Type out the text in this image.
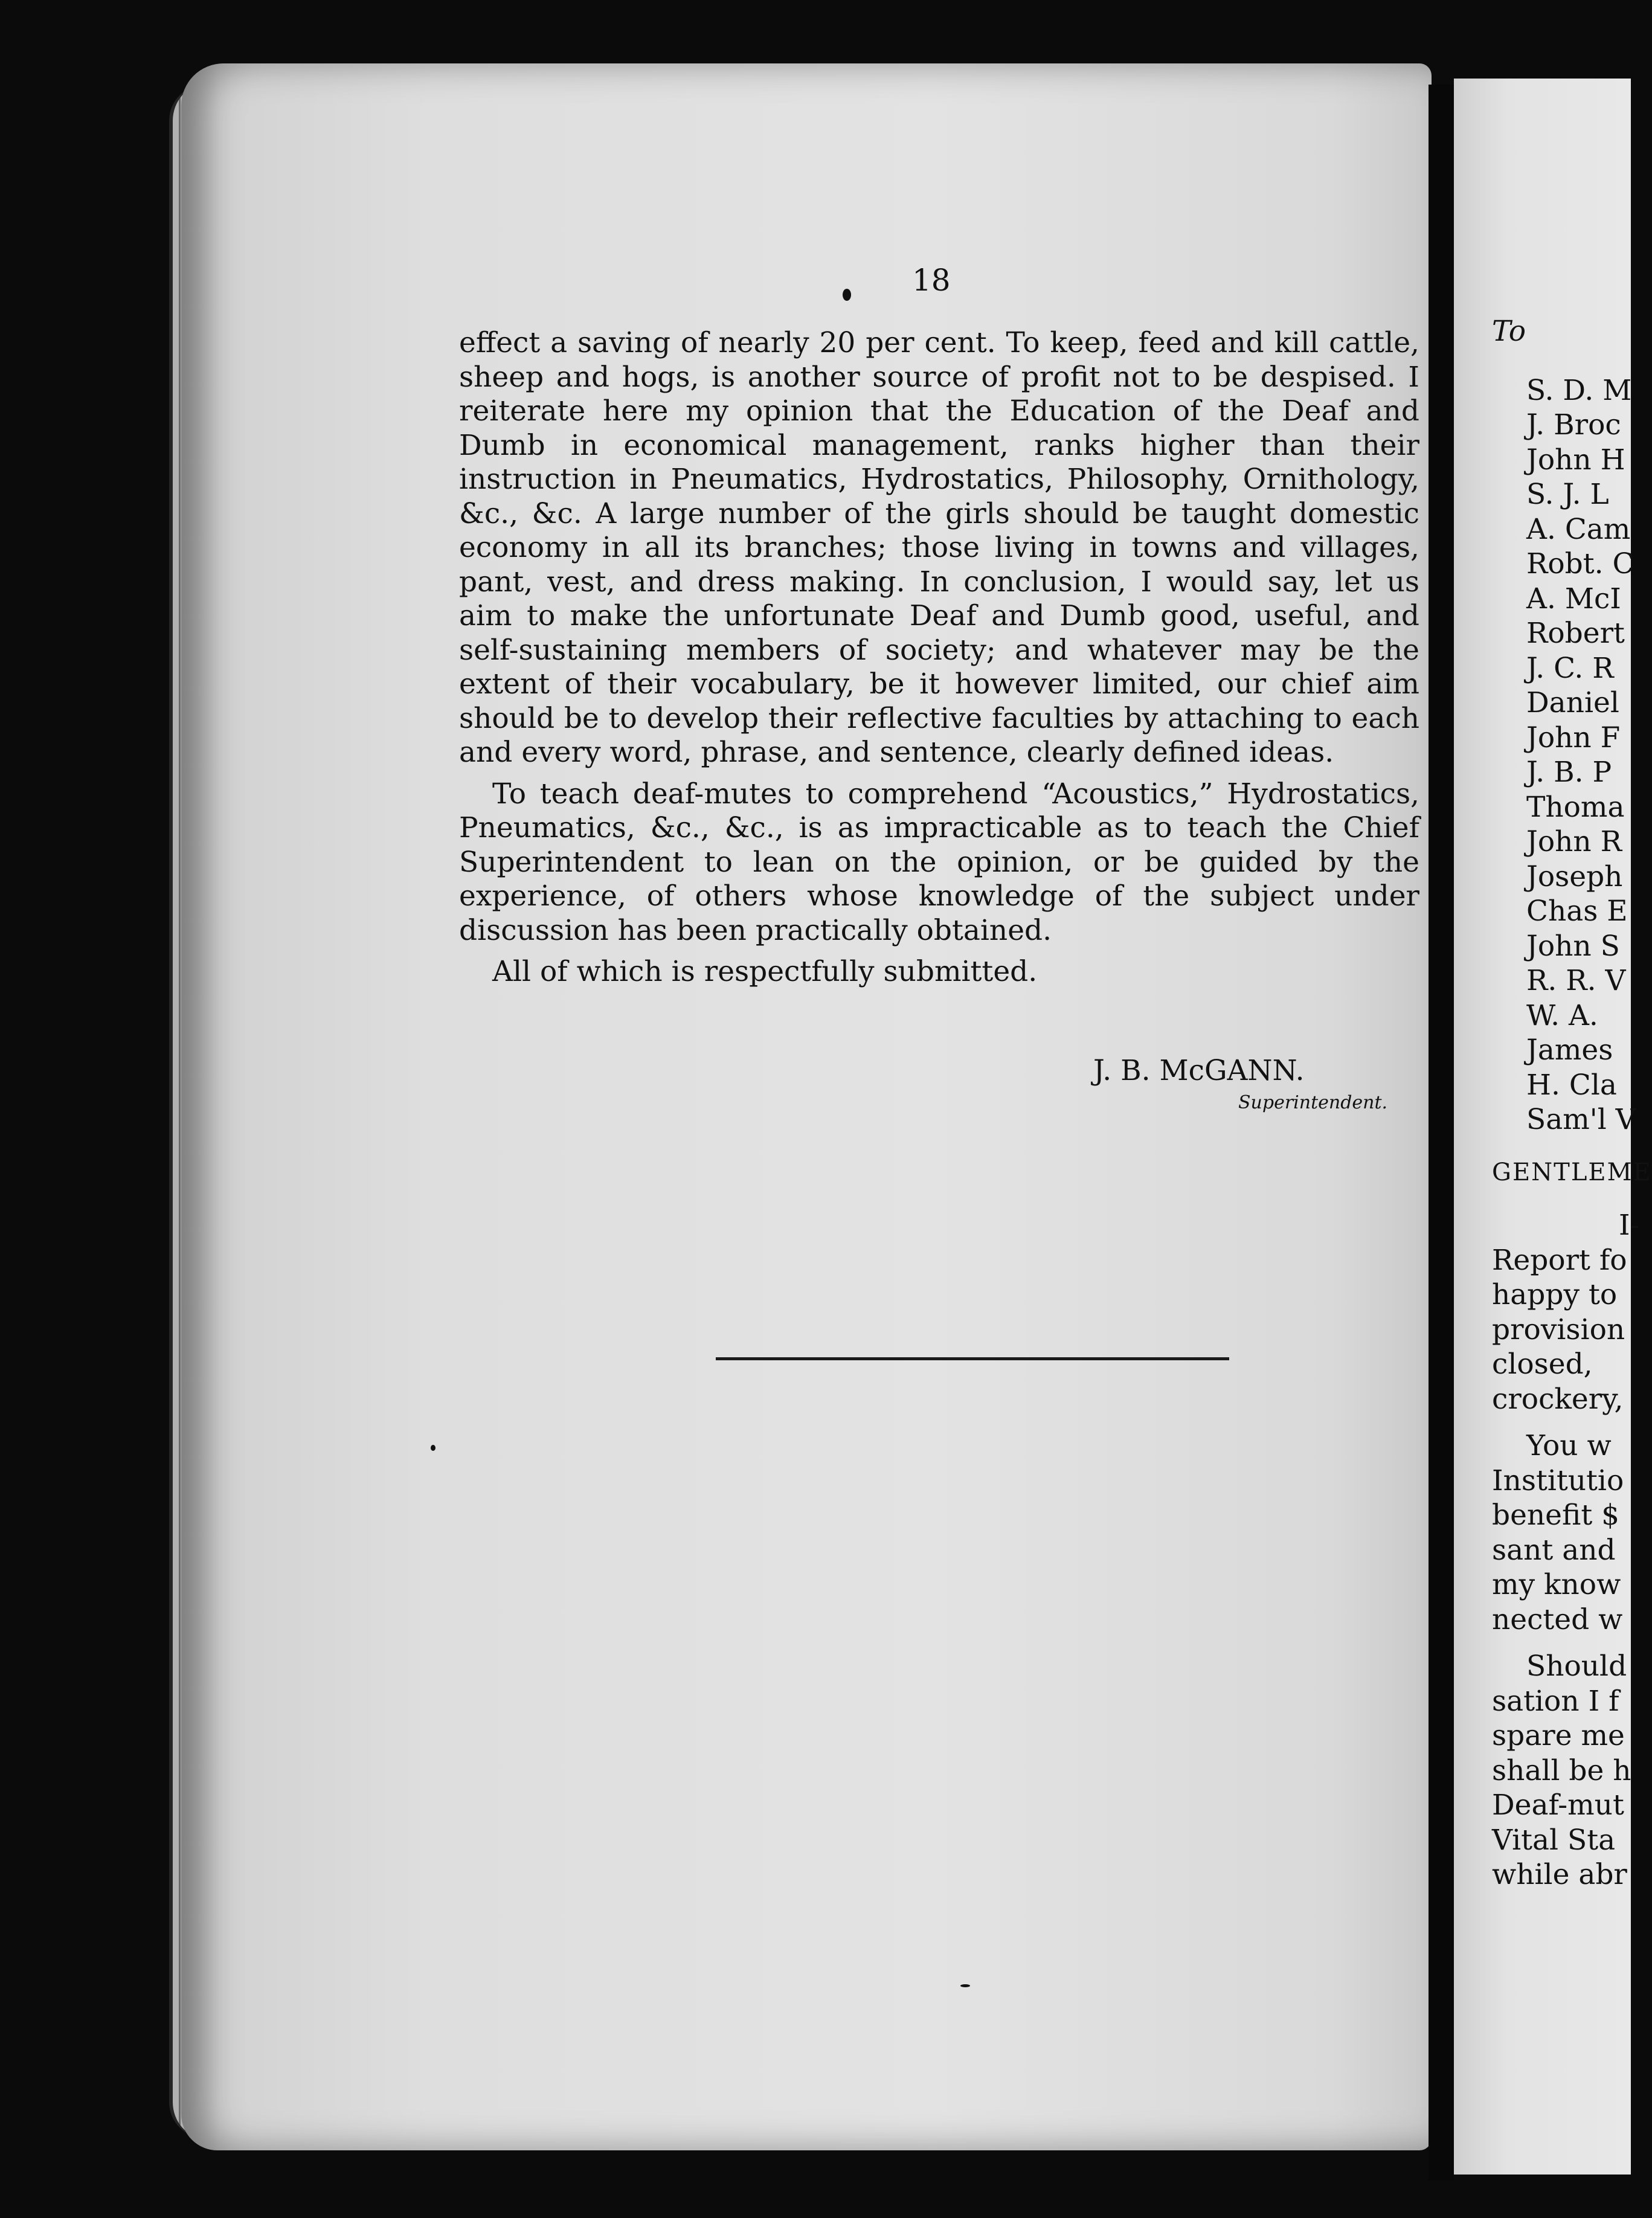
18

effect a saving of nearly 20 per cent. To keep, feed and kill cattle, sheep and hogs, is another source of profit not to be despised. I reiterate here my opinion that the Education of the Deaf and Dumb in economical management, ranks higher than their instruction in Pneumatics, Hydrostatics, Philosophy, Ornithology, &c., &c. A large number of the girls should be taught domestic economy in all its branches; those living in towns and villages, pant, vest, and dress making. In conclusion, I would say, let us aim to make the unfortunate Deaf and Dumb good, useful, and self-sustaining members of society; and whatever may be the extent of their vocabulary, be it however limited, our chief aim should be to develop their reflective faculties by attaching to each and every word, phrase, and sentence, clearly defined ideas.

To teach deaf-mutes to comprehend “Acoustics,” Hydrostatics, Pneumatics, &c., &c., is as impracticable as to teach the Chief Superintendent to lean on the opinion, or be guided by the experience, of others whose knowledge of the subject under discussion has been practically obtained.

All of which is respectfully submitted.

J. B. McGANN.
Superintendent.
To
S. D. M
J. Broc
John H
S. J. L
A. Cam
Robt. C
A. McI
Robert
J. C. R
Daniel
John F
J. B. P
Thoma
John R
Joseph
Chas E
John S
R. R. V
W. A.
James
H. Cla
Sam'l V
GENTLEME
I-
Report fo
happy to
provision
closed,
crockery,
You w
Institutio
benefit $
sant and
my know
nected w
Should
sation I f
spare me
shall be h
Deaf-mut
Vital Sta
while abr
